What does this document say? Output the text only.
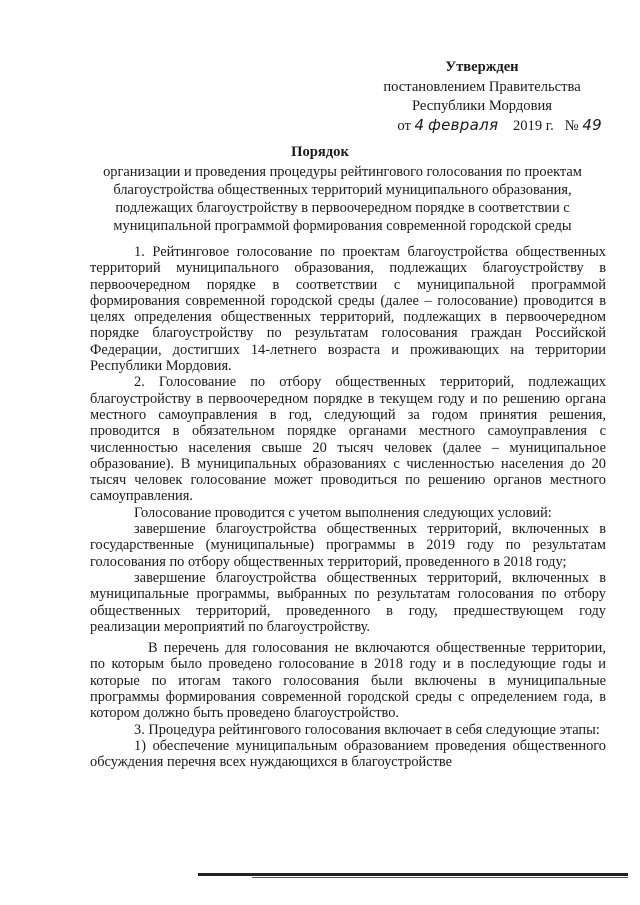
Утвержден
постановлением Правительства
Республики Мордовия
от 4 февраля 2019 г. № 49
Порядок
организации и проведения процедуры рейтингового голосования по проектам благоустройства общественных территорий муниципального образования, подлежащих благоустройству в первоочередном порядке в соответствии с муниципальной программой формирования современной городской среды

1. Рейтинговое голосование по проектам благоустройства общественных территорий муниципального образования, подлежащих благоустройству в первоочередном порядке в соответствии с муниципальной программой формирования современной городской среды (далее – голосование) проводится в целях определения общественных территорий, подлежащих в первоочередном порядке благоустройству по результатам голосования граждан Российской Федерации, достигших 14-летнего возраста и проживающих на территории Республики Мордовия.

2. Голосование по отбору общественных территорий, подлежащих благоустройству в первоочередном порядке в текущем году и по решению органа местного самоуправления в год, следующий за годом принятия решения, проводится в обязательном порядке органами местного самоуправления с численностью населения свыше 20 тысяч человек (далее – муниципальное образование). В муниципальных образованиях с численностью населения до 20 тысяч человек голосование может проводиться по решению органов местного самоуправления.

Голосование проводится с учетом выполнения следующих условий:

завершение благоустройства общественных территорий, включенных в государственные (муниципальные) программы в 2019 году по результатам голосования по отбору общественных территорий, проведенного в 2018 году;

завершение благоустройства общественных территорий, включенных в муниципальные программы, выбранных по результатам голосования по отбору общественных территорий, проведенного в году, предшествующем году реализации мероприятий по благоустройству.

В перечень для голосования не включаются общественные территории, по которым было проведено голосование в 2018 году и в последующие годы и которые по итогам такого голосования были включены в муниципальные программы формирования современной городской среды с определением года, в котором должно быть проведено благоустройство.

3. Процедура рейтингового голосования включает в себя следующие этапы:

1) обеспечение муниципальным образованием проведения общественного обсуждения перечня всех нуждающихся в благоустройстве
